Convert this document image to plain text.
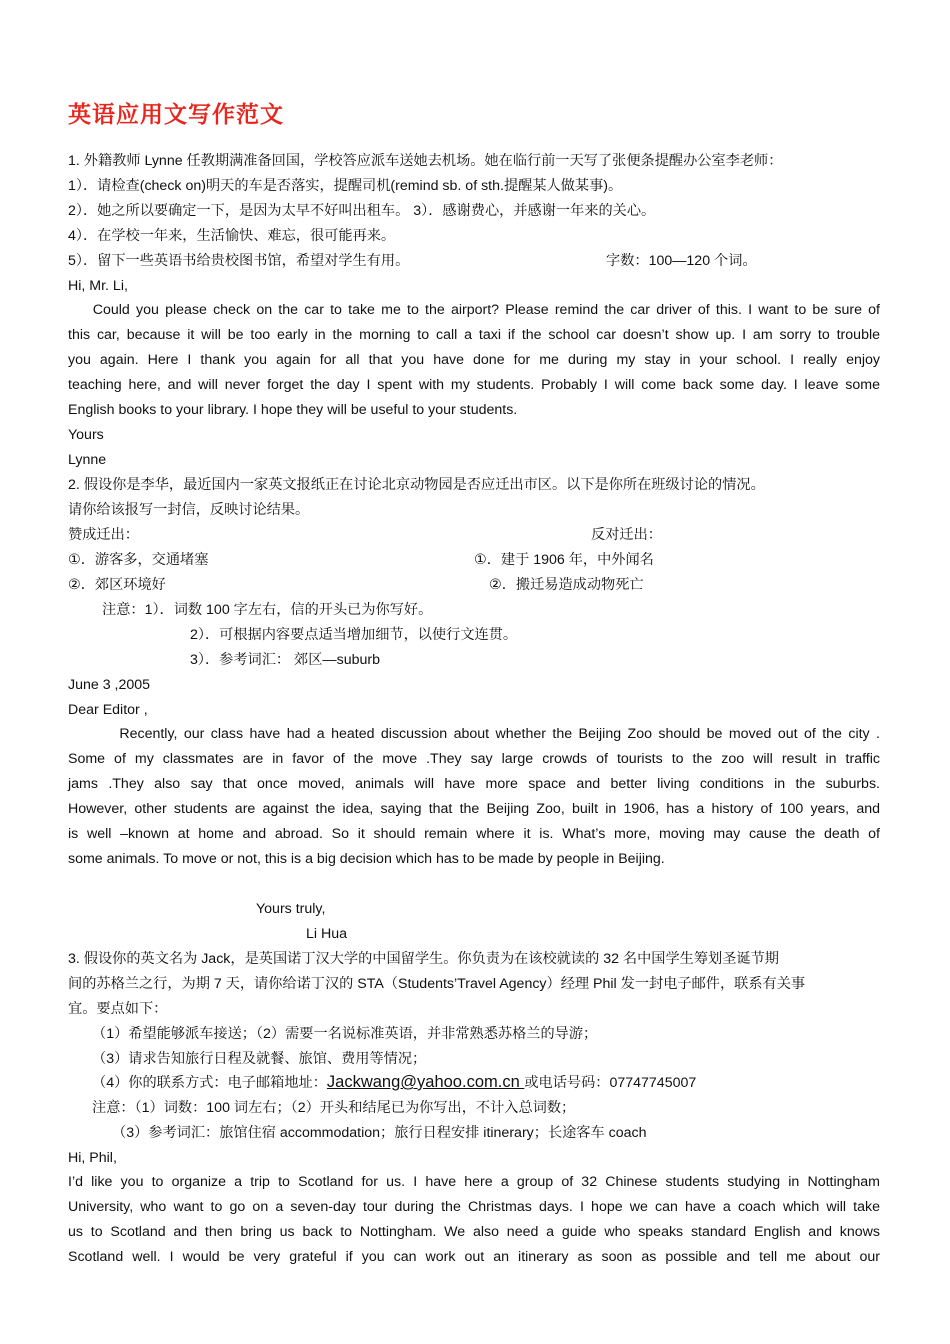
英语应用文写作范文
1. 外籍教师 Lynne 任教期满准备回国，学校答应派车送她去机场。她在临行前一天写了张便条提醒办公室李老师：
1）．请检查(check on)明天的车是否落实，提醒司机(remind sb. of sth.提醒某人做某事)。
2）．她之所以要确定一下，是因为太早不好叫出租车。 3）．感谢费心，并感谢一年来的关心。
4）．在学校一年来，生活愉快、难忘，很可能再来。
5）．留下一些英语书给贵校图书馆，希望对学生有用。	字数：100—120 个词。
Hi, Mr. Li,
Could you please check on the car to take me to the airport? Please remind the car driver of this. I want to be sure of
this car, because it will be too early in the morning to call a taxi if the school car doesn’t show up. I am sorry to trouble
you again. Here I thank you again for all that you have done for me during my stay in your school. I really enjoy
teaching here, and will never forget the day I spent with my students. Probably I will come back some day. I leave some
English books to your library. I hope they will be useful to your students.
Yours
Lynne
2. 假设你是李华，最近国内一家英文报纸正在讨论北京动物园是否应迁出市区。以下是你所在班级讨论的情况。
请你给该报写一封信，反映讨论结果。
赞成迁出：	反对迁出：
①．游客多，交通堵塞	①．建于 1906 年，中外闻名
②．郊区环境好	②．搬迁易造成动物死亡
注意：1）．词数 100 字左右，信的开头已为你写好。
2）．可根据内容要点适当增加细节，以使行文连贯。
3）．参考词汇： 郊区—suburb
June 3 ,2005
Dear Editor ,
Recently, our class have had a heated discussion about whether the Beijing Zoo should be moved out of the city .
Some of my classmates are in favor of the move .They say large crowds of tourists to the zoo will result in traffic
jams .They also say that once moved, animals will have more space and better living conditions in the suburbs.
However, other students are against the idea, saying that the Beijing Zoo, built in 1906, has a history of 100 years, and
is well –known at home and abroad. So it should remain where it is. What’s more, moving may cause the death of
some animals. To move or not, this is a big decision which has to be made by people in Beijing.
Yours truly,
Li Hua
3. 假设你的英文名为 Jack，是英国诺丁汉大学的中国留学生。你负责为在该校就读的 32 名中国学生筹划圣诞节期
间的苏格兰之行，为期 7 天，请你给诺丁汉的 STA（Students’Travel Agency）经理 Phil 发一封电子邮件，联系有关事
宜。要点如下：
（1）希望能够派车接送；（2）需要一名说标准英语，并非常熟悉苏格兰的导游；
（3）请求告知旅行日程及就餐、旅馆、费用等情况；
（4）你的联系方式：电子邮箱地址：Jackwang@yahoo.com.cn 或电话号码：07747745007
注意：（1）词数：100 词左右；（2）开头和结尾已为你写出，不计入总词数；
（3）参考词汇：旅馆住宿 accommodation；旅行日程安排 itinerary；长途客车 coach
Hi, Phil,
I’d like you to organize a trip to Scotland for us. I have here a group of 32 Chinese students studying in Nottingham
University, who want to go on a seven-day tour during the Christmas days. I hope we can have a coach which will take
us to Scotland and then bring us back to Nottingham. We also need a guide who speaks standard English and knows
Scotland well. I would be very grateful if you can work out an itinerary as soon as possible and tell me about our
